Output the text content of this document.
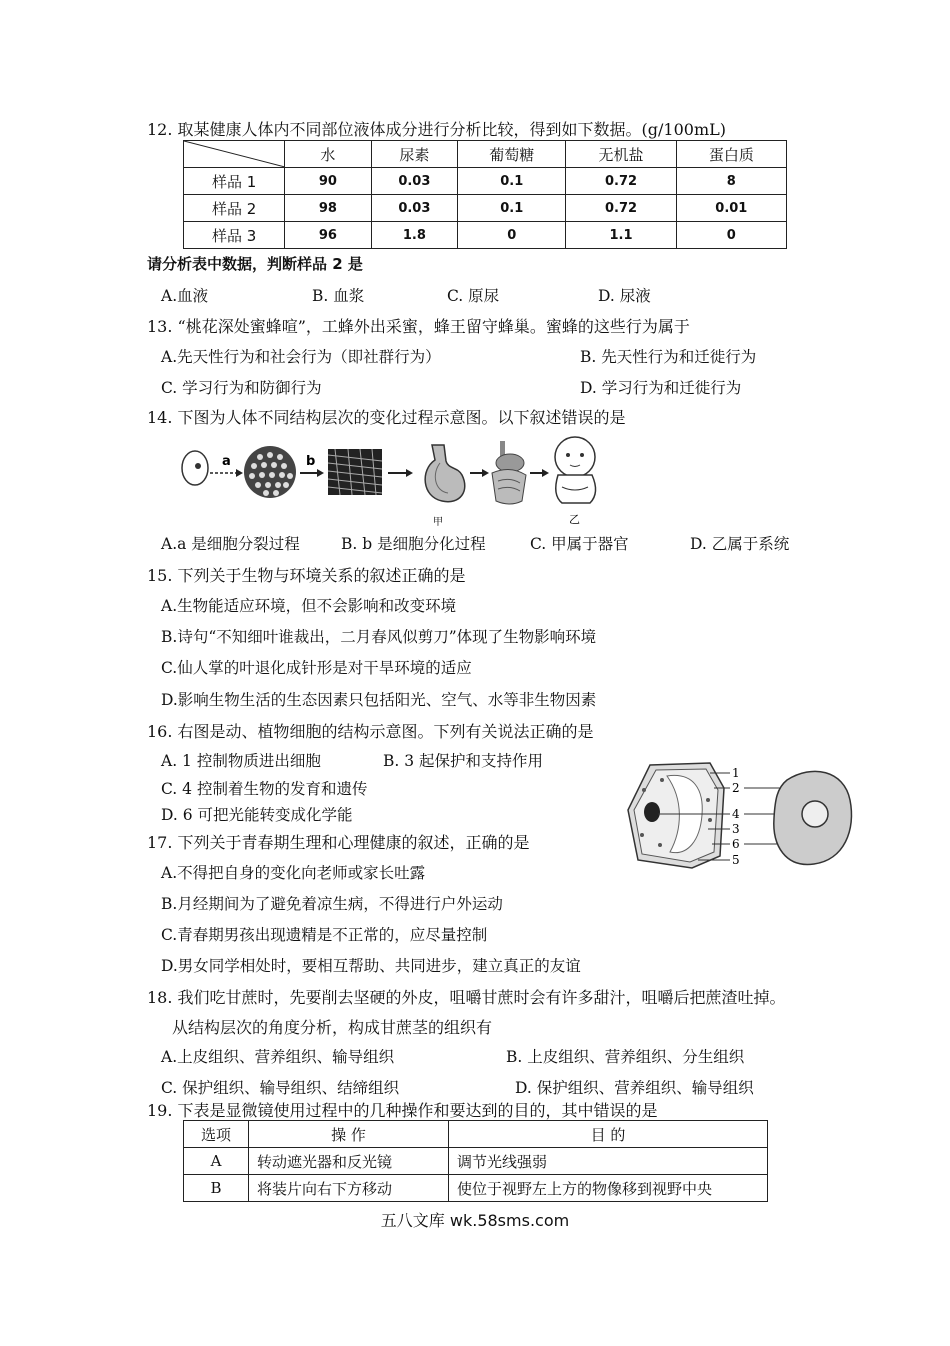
12. 取某健康人体内不同部位液体成分进行分析比较，得到如下数据。(g/100mL)
	水	尿素	葡萄糖	无机盐	蛋白质
样品 1	90	0.03	0.1	0.72	8
样品 2	98	0.03	0.1	0.72	0.01
样品 3	96	1.8	0	1.1	0
请分析表中数据，判断样品 2 是
A.血液	B. 血浆	C. 原尿	D. 尿液
13. “桃花深处蜜蜂喧”，工蜂外出采蜜，蜂王留守蜂巢。蜜蜂的这些行为属于
A.先天性行为和社会行为（即社群行为）	B. 先天性行为和迁徙行为
C. 学习行为和防御行为	D. 学习行为和迁徙行为
14. 下图为人体不同结构层次的变化过程示意图。以下叙述错误的是
a	b
甲	乙
A.a 是细胞分裂过程	B. b 是细胞分化过程	C. 甲属于器官	D. 乙属于系统
15. 下列关于生物与环境关系的叙述正确的是
A.生物能适应环境，但不会影响和改变环境
B.诗句“不知细叶谁裁出，二月春风似剪刀”体现了生物影响环境
C.仙人掌的叶退化成针形是对干旱环境的适应
D.影响生物生活的生态因素只包括阳光、空气、水等非生物因素
16. 右图是动、植物细胞的结构示意图。下列有关说法正确的是
A. 1 控制物质进出细胞	B. 3 起保护和支持作用
C. 4 控制着生物的发育和遗传
D. 6 可把光能转变成化学能
1
2
4
3
6
5
17. 下列关于青春期生理和心理健康的叙述，正确的是
A.不得把自身的变化向老师或家长吐露
B.月经期间为了避免着凉生病，不得进行户外运动
C.青春期男孩出现遗精是不正常的，应尽量控制
D.男女同学相处时，要相互帮助、共同进步，建立真正的友谊
18. 我们吃甘蔗时，先要削去坚硬的外皮，咀嚼甘蔗时会有许多甜汁，咀嚼后把蔗渣吐掉。
从结构层次的角度分析，构成甘蔗茎的组织有
A.上皮组织、营养组织、输导组织	B. 上皮组织、营养组织、分生组织
C. 保护组织、输导组织、结缔组织	D. 保护组织、营养组织、输导组织
19. 下表是显微镜使用过程中的几种操作和要达到的目的，其中错误的是
选项	操 作	目 的
A	转动遮光器和反光镜	调节光线强弱
B	将装片向右下方移动	使位于视野左上方的物像移到视野中央
五八文库 wk.58sms.com
